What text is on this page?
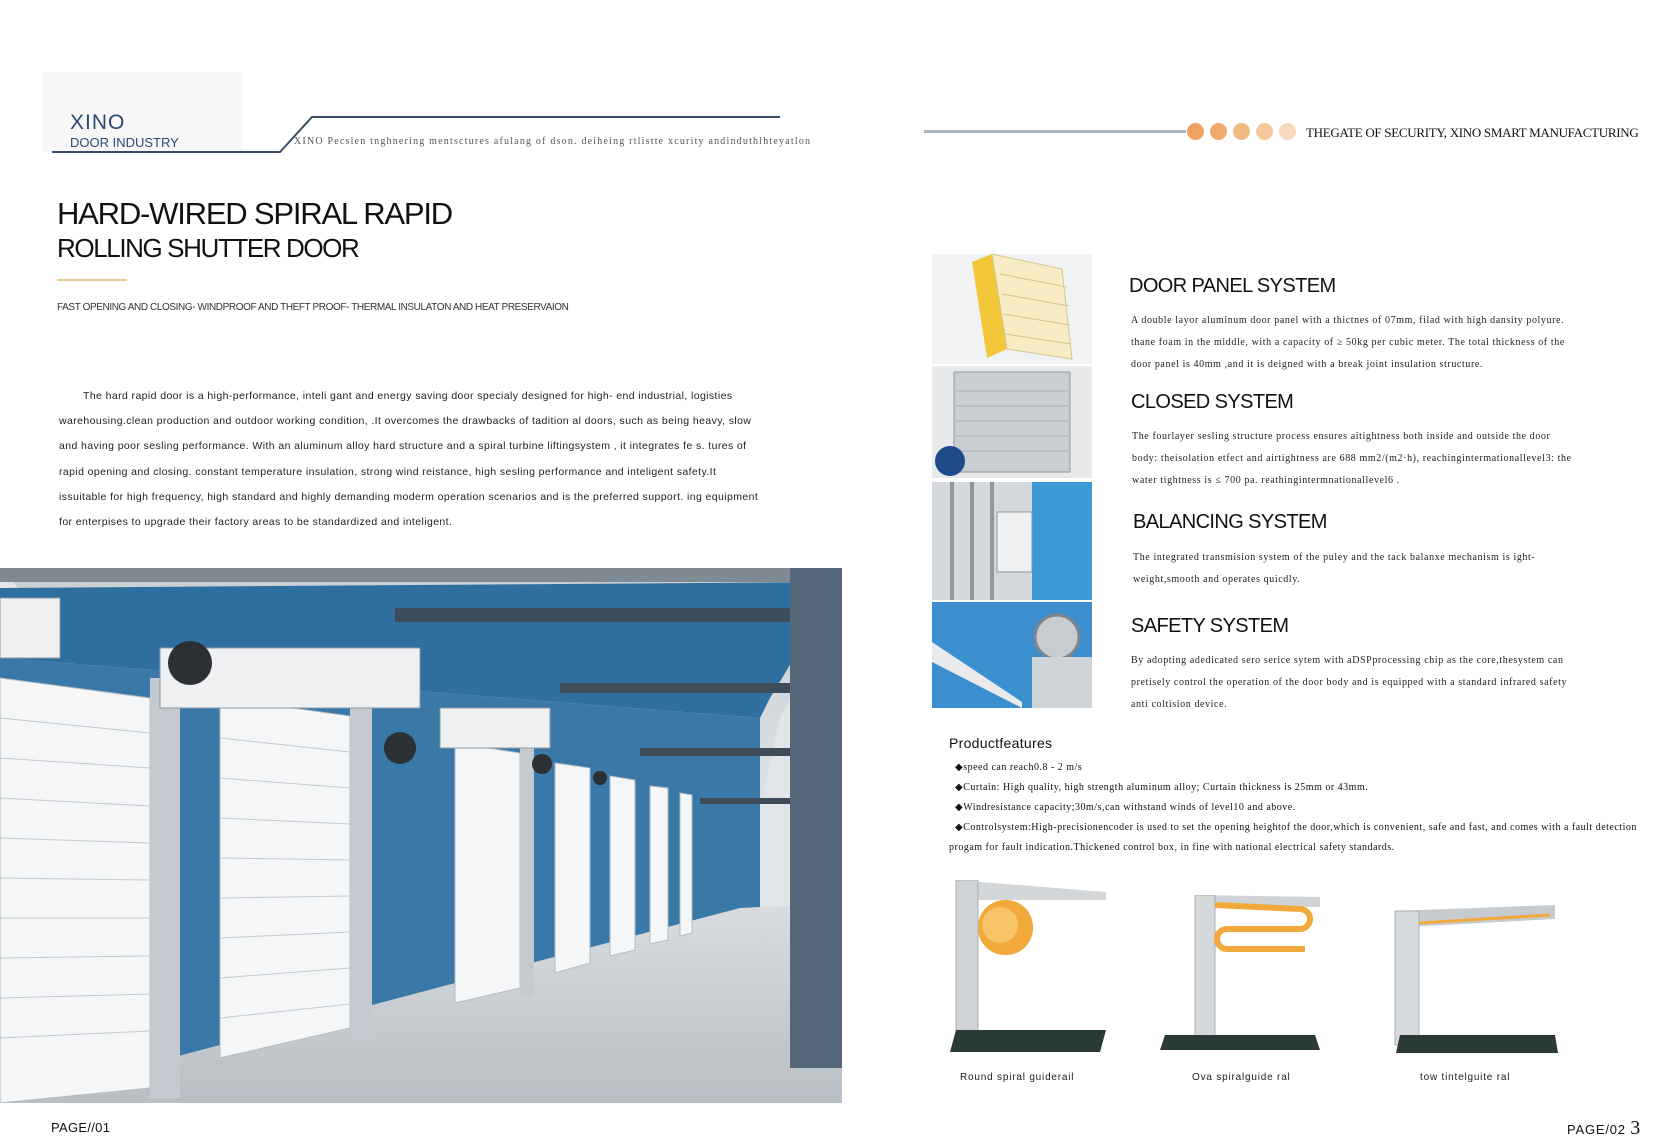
XINO
DOOR INDUSTRY	XINO Pecslen tnghnering mentsctures afulang of dson. deiheing rtlistte xcurity andinduthlhteyatlon
THEGATE OF SECURITY, XINO SMART MANUFACTURING
HARD-WIRED SPIRAL RAPID
ROLLING SHUTTER DOOR
FAST OPENING AND CLOSING- WINDPROOF AND THEFT PROOF- THERMAL INSULATON AND HEAT PRESERVAION

The hard rapid door is a high-performance, inteli gant and energy saving door specialy designed for high- end industrial, logisties warehousing.clean production and outdoor working condition, .It overcomes the drawbacks of tadition al doors, such as being heavy, slow and having poor sesling performance. With an aluminum alloy hard structure and a spiral turbine liftingsystem , it integrates fe s. tures of rapid opening and closing. constant temperature insulation, strong wind reistance, high sesling performance and inteligent safety.It issuitable for high frequency, high standard and highly demanding moderm operation scenarios and is the preferred support. ing equipment for enterpises to upgrade their factory areas to be standardized and inteligent.

DOOR PANEL SYSTEM
A double layor aluminum door panel with a thictnes of 07mm, filad with high dansity polyure. thane foam in the middle, with a capacity of ≥ 50kg per cubic meter. The total thickness of the door panel is 40mm ,and it is deigned with a break joint insulation structure.
CLOSED SYSTEM
The fourlayer sesling structure process ensures aitightness both inside and outside the door body: theisolation etfect and airtightness are 688 mm2/(m2·h), reachingintermationallevel3: the water tightness is ≤ 700 pa. reathingintermnationallevel6 .
BALANCING SYSTEM
The integrated transmision system of the puley and the tack balanxe mechanism is ight-weight,smooth and operates quicdly.
SAFETY SYSTEM
By adopting adedicated sero serice sytem with aDSPprocessing chip as the core,thesystem can pretisely control the operation of the door body and is equipped with a standard infrared safety anti coltision device.
Productfeatures
◆speed can reach0.8 - 2 m/s
◆Curtain: High quality, high strength aluminum alloy; Curtain thickness is 25mm or 43mm.
◆Windresistance capacity;30m/s,can withstand winds of level10 and above.
◆Controlsystem:High-precisionencoder is used to set the opening heightof the door,which is convenient, safe and fast, and comes with a fault detection progam for fault indication.Thickened control box, in fine with national electrical safety standards.
Round spiral guiderail	Ova spiralguide ral	tow tintelguite ral
PAGE//01	PAGE/02 3
